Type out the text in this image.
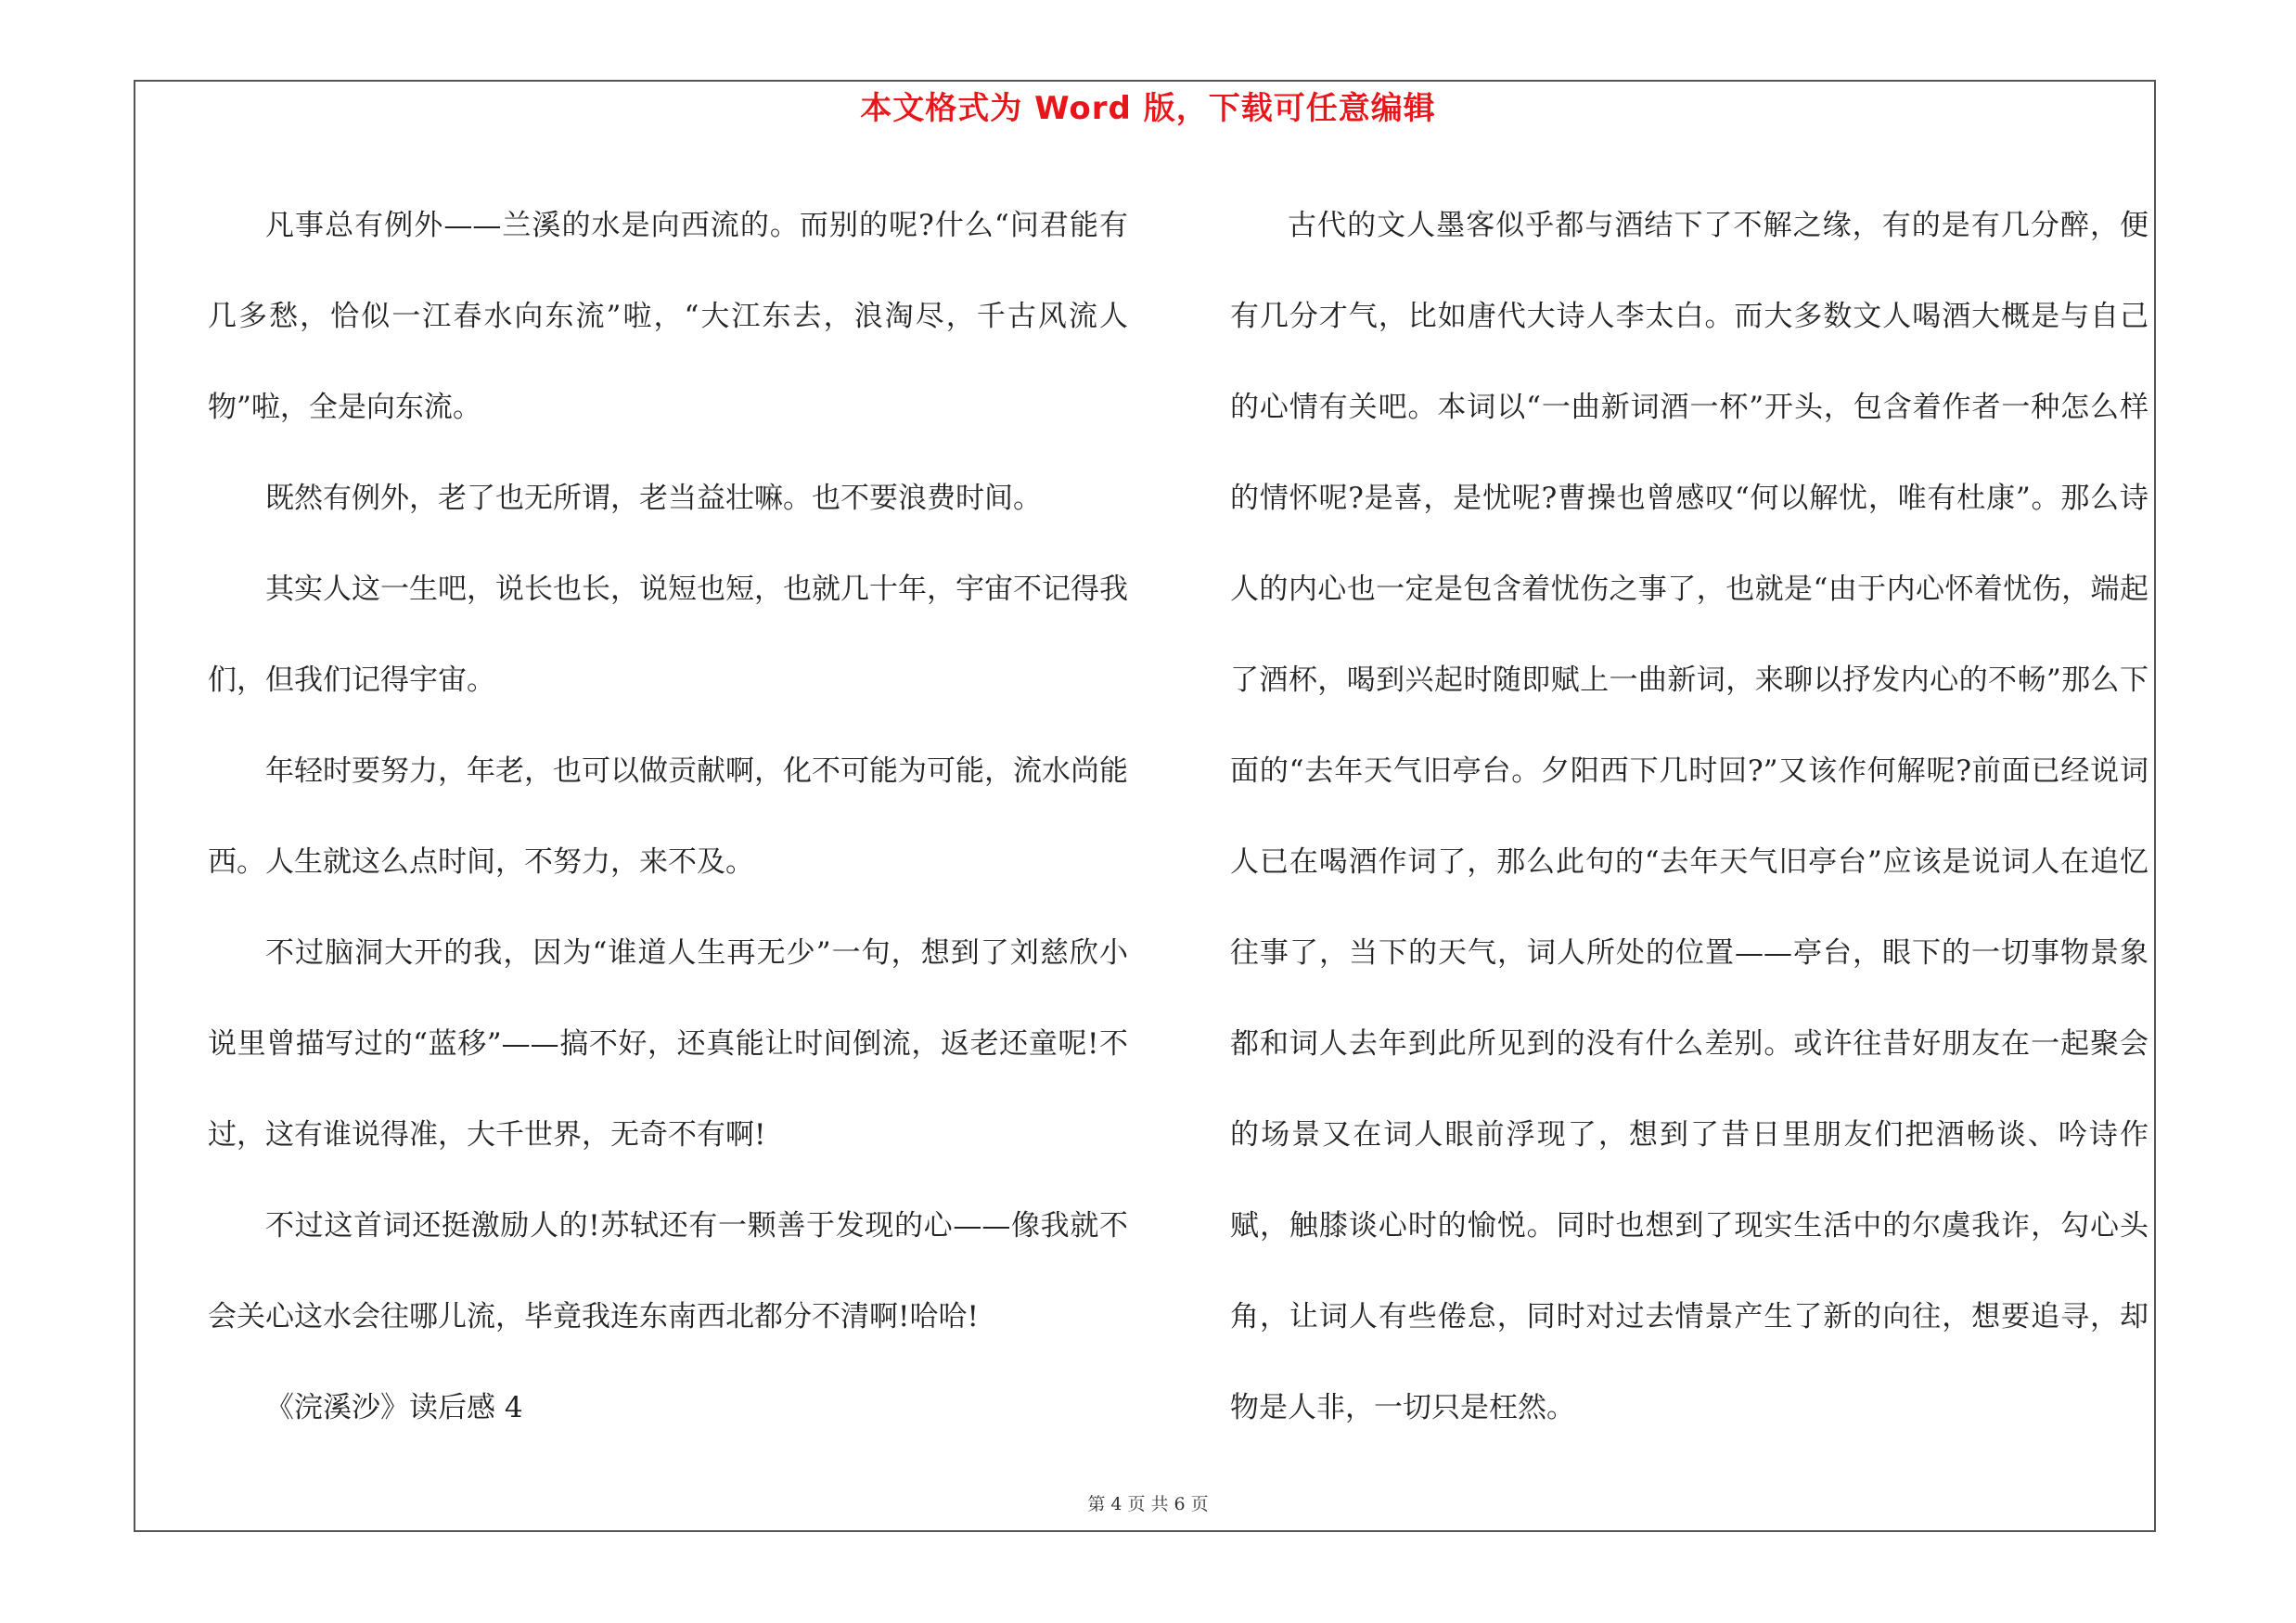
本文格式为 Word 版，下载可任意编辑

凡事总有例外——兰溪的水是向西流的。而别的呢?什么“问君能有几多愁，恰似一江春水向东流”啦，“大江东去，浪淘尽，千古风流人物”啦，全是向东流。

既然有例外，老了也无所谓，老当益壮嘛。也不要浪费时间。

其实人这一生吧，说长也长，说短也短，也就几十年，宇宙不记得我们，但我们记得宇宙。

年轻时要努力，年老，也可以做贡献啊，化不可能为可能，流水尚能西。人生就这么点时间，不努力，来不及。

不过脑洞大开的我，因为“谁道人生再无少”一句，想到了刘慈欣小说里曾描写过的“蓝移”——搞不好，还真能让时间倒流，返老还童呢!不过，这有谁说得准，大千世界，无奇不有啊!

不过这首词还挺激励人的!苏轼还有一颗善于发现的心——像我就不会关心这水会往哪儿流，毕竟我连东南西北都分不清啊!哈哈!

《浣溪沙》读后感 4

古代的文人墨客似乎都与酒结下了不解之缘，有的是有几分醉，便有几分才气，比如唐代大诗人李太白。而大多数文人喝酒大概是与自己的心情有关吧。本词以“一曲新词酒一杯”开头，包含着作者一种怎么样的情怀呢?是喜，是忧呢?曹操也曾感叹“何以解忧，唯有杜康”。那么诗人的内心也一定是包含着忧伤之事了，也就是“由于内心怀着忧伤，端起了酒杯，喝到兴起时随即赋上一曲新词，来聊以抒发内心的不畅”那么下面的“去年天气旧亭台。夕阳西下几时回?”又该作何解呢?前面已经说词人已在喝酒作词了，那么此句的“去年天气旧亭台”应该是说词人在追忆往事了，当下的天气，词人所处的位置——亭台，眼下的一切事物景象都和词人去年到此所见到的没有什么差别。或许往昔好朋友在一起聚会的场景又在词人眼前浮现了，想到了昔日里朋友们把酒畅谈、吟诗作赋，触膝谈心时的愉悦。同时也想到了现实生活中的尔虞我诈，勾心头角，让词人有些倦怠，同时对过去情景产生了新的向往，想要追寻，却物是人非，一切只是枉然。

第 4 页 共 6 页
